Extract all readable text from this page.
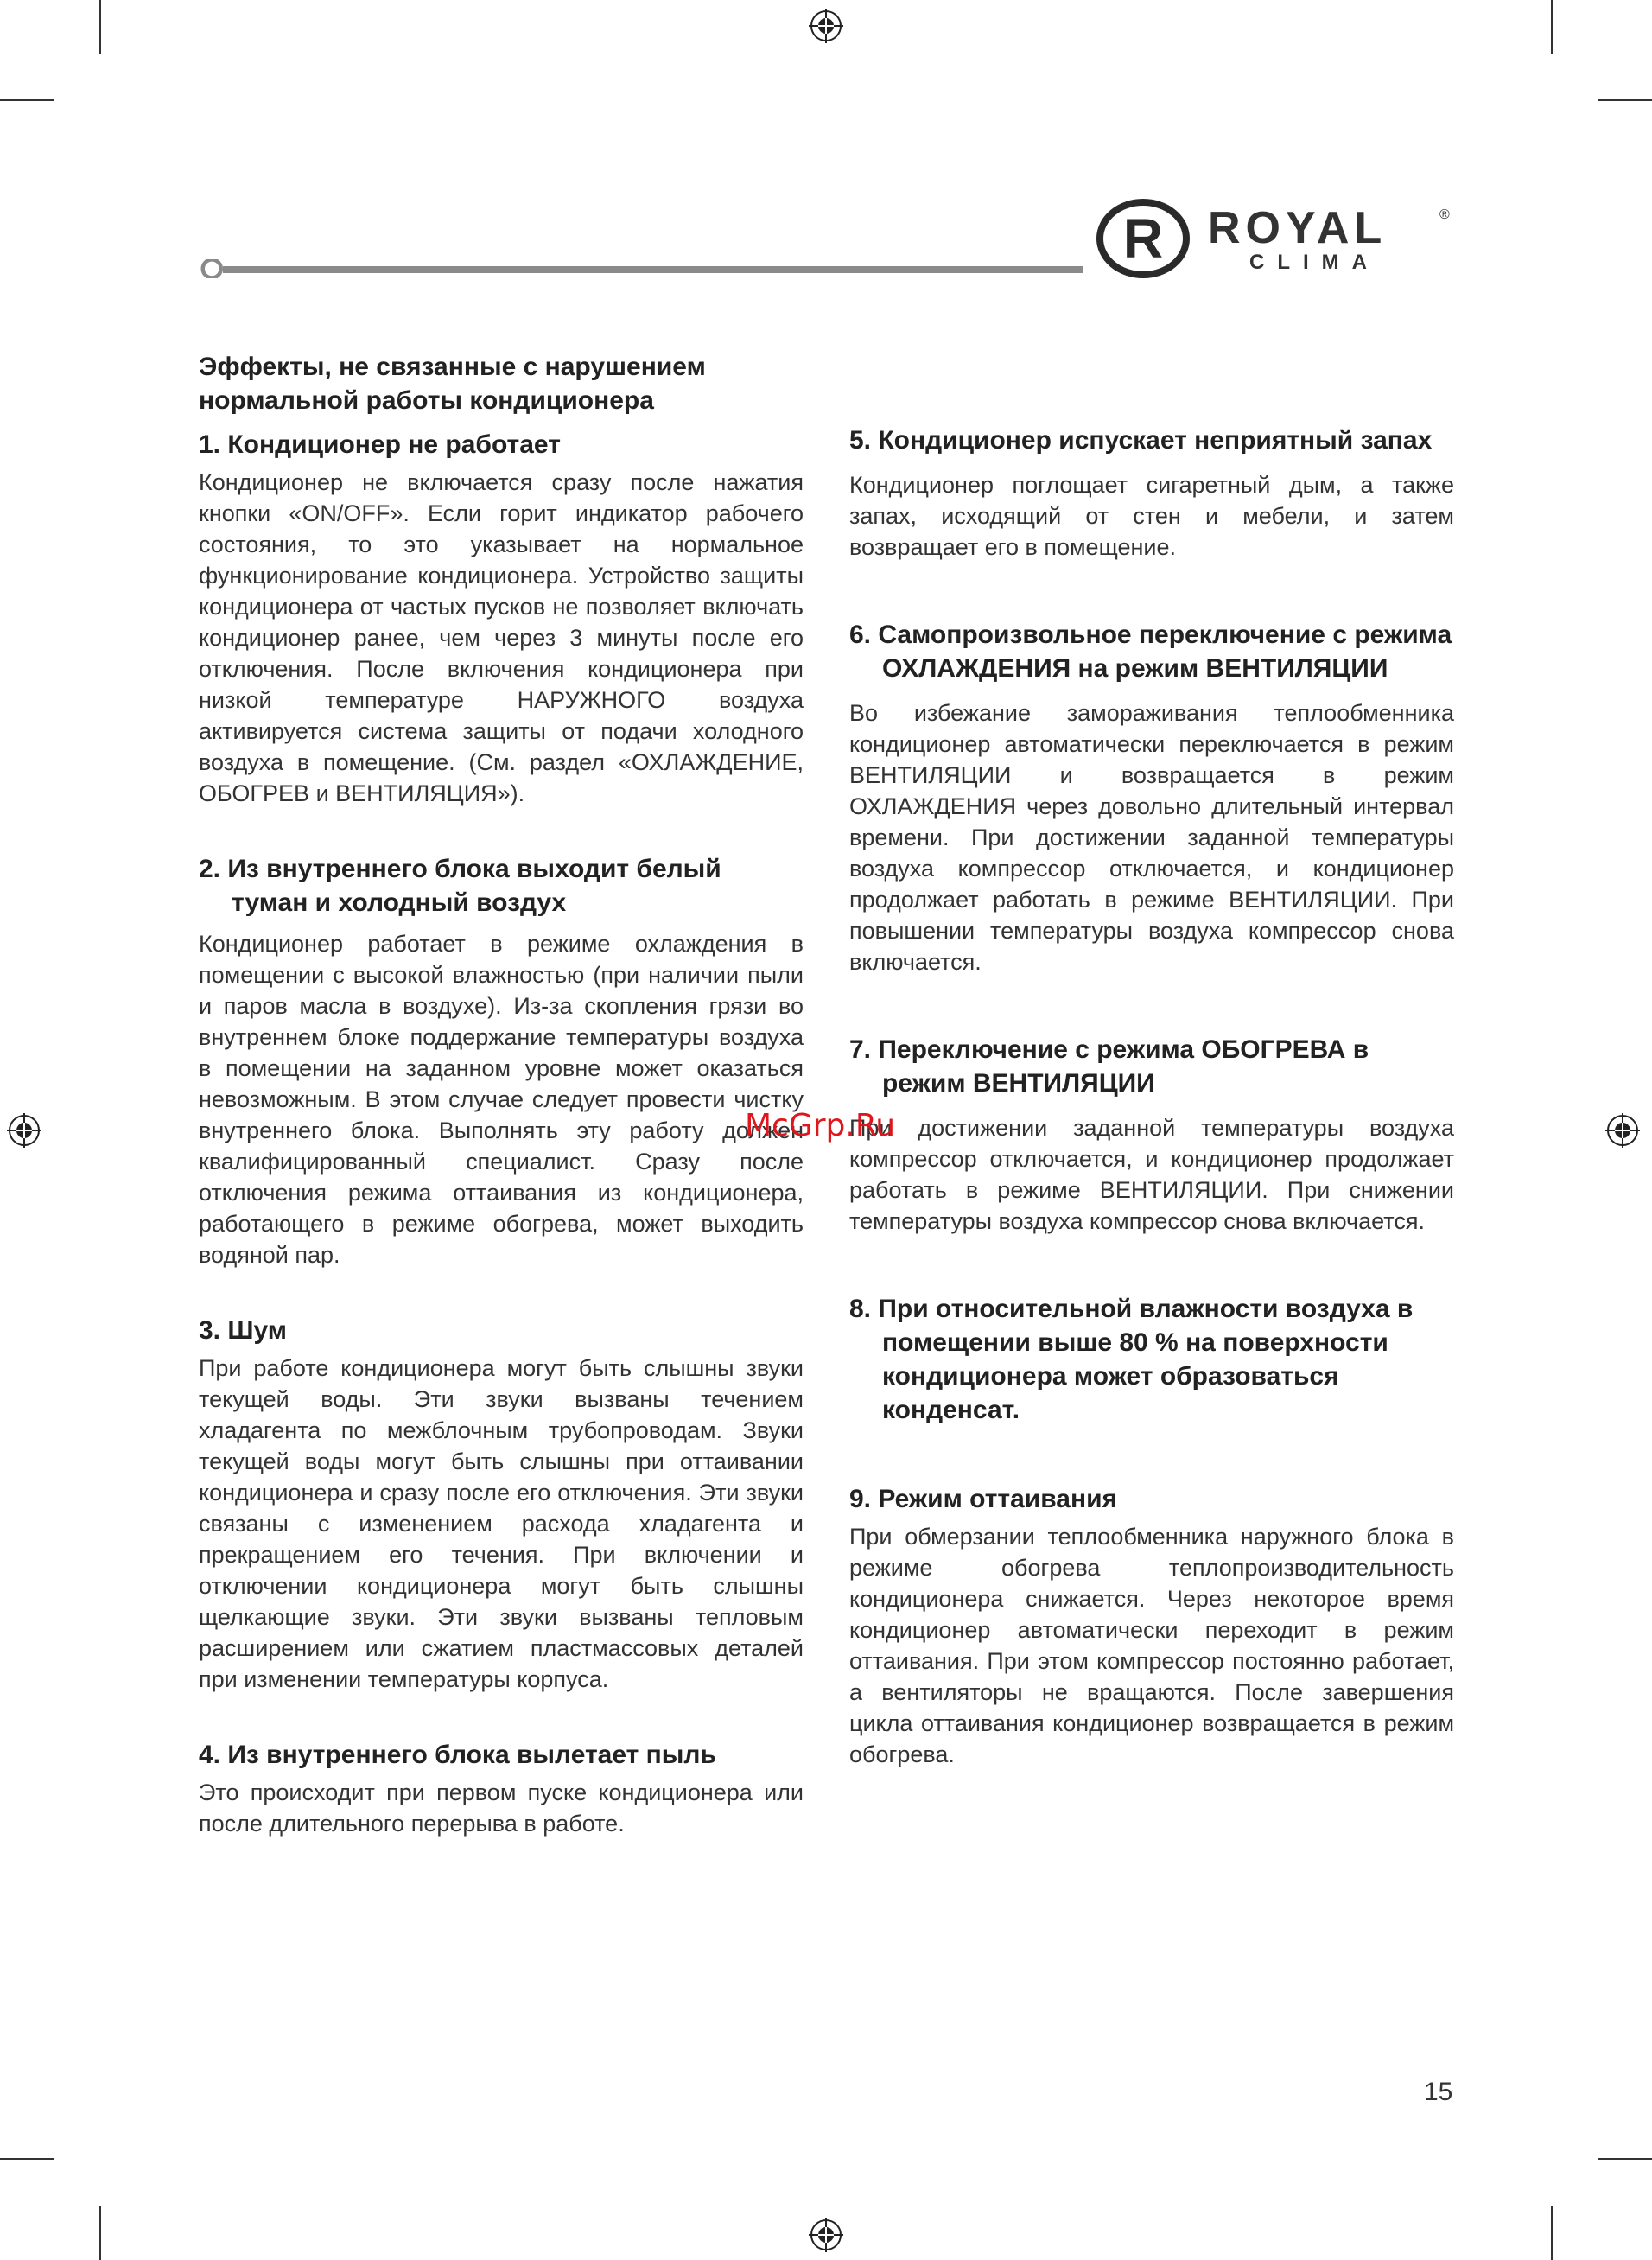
R ROYAL	®
CLIMA
Эффекты, не связанные с нарушением нормальной работы кондиционера
1. Кондиционер не работает

Кондиционер не включается сразу после нажатия кнопки «ON/OFF». Если горит индикатор рабочего состояния, то это указывает на нормальное функционирование кондиционера. Устройство защиты кондиционера от частых пусков не позволяет включать кондиционер ранее, чем через 3 минуты после его отключения. После включения кондиционера при низкой температуре НАРУЖНОГО воздуха активируется система защиты от подачи холодного воздуха в помещение. (См. раздел «ОХЛАЖДЕНИЕ, ОБОГРЕВ и ВЕНТИЛЯЦИЯ»).

2. Из внутреннего блока выходит белый туман и холодный воздух

Кондиционер работает в режиме охлаждения в помещении с высокой влажностью (при наличии пыли и паров масла в воздухе). Из-за скопления грязи во внутреннем блоке поддержание температуры воздуха в помещении на заданном уровне может оказаться невозможным. В этом случае следует провести чистку внутреннего блока. Выполнять эту работу должен квалифицированный специалист. Сразу после отключения режима оттаивания из кондиционера, работающего в режиме обогрева, может выходить водяной пар.

3. Шум

При работе кондиционера могут быть слышны звуки текущей воды. Эти звуки вызваны течением хладагента по межблочным трубопроводам. Звуки текущей воды могут быть слышны при оттаивании кондиционера и сразу после его отключения. Эти звуки связаны с изменением расхода хладагента и прекращением его течения. При включении и отключении кондиционера могут быть слышны щелкающие звуки. Эти звуки вызваны тепловым расширением или сжатием пластмассовых деталей при изменении температуры корпуса.

4. Из внутреннего блока вылетает пыль

Это происходит при первом пуске кондиционера или после длительного перерыва в работе.

5. Кондиционер испускает неприятный запах

Кондиционер поглощает сигаретный дым, а также запах, исходящий от стен и мебели, и затем возвращает его в помещение.

6. Самопроизвольное переключение с режима ОХЛАЖДЕНИЯ на режим ВЕНТИЛЯЦИИ

Во избежание замораживания теплообменника кондиционер автоматически переключается в режим ВЕНТИЛЯЦИИ и возвращается в режим ОХЛАЖДЕНИЯ через довольно длительный интервал времени. При достижении заданной температуры воздуха компрессор отключается, и кондиционер продолжает работать в режиме ВЕНТИЛЯЦИИ. При повышении температуры воздуха компрессор снова включается.

7. Переключение с режима ОБОГРЕВА в режим ВЕНТИЛЯЦИИ

При достижении заданной температуры воздуха компрессор отключается, и кондиционер продолжает работать в режиме ВЕНТИЛЯЦИИ. При снижении температуры воздуха компрессор снова включается.

8. При относительной влажности воздуха в помещении выше 80 % на поверхности кондиционера может образоваться конденсат.
9. Режим оттаивания

При обмерзании теплообменника наружного блока в режиме обогрева теплопроизводительность кондиционера снижается. Через некоторое время кондиционер автоматически переходит в режим оттаивания. При этом компрессор постоянно работает, а вентиляторы не вращаются. После завершения цикла оттаивания кондиционер возвращается в режим обогрева.

McGrp.Ru
15
